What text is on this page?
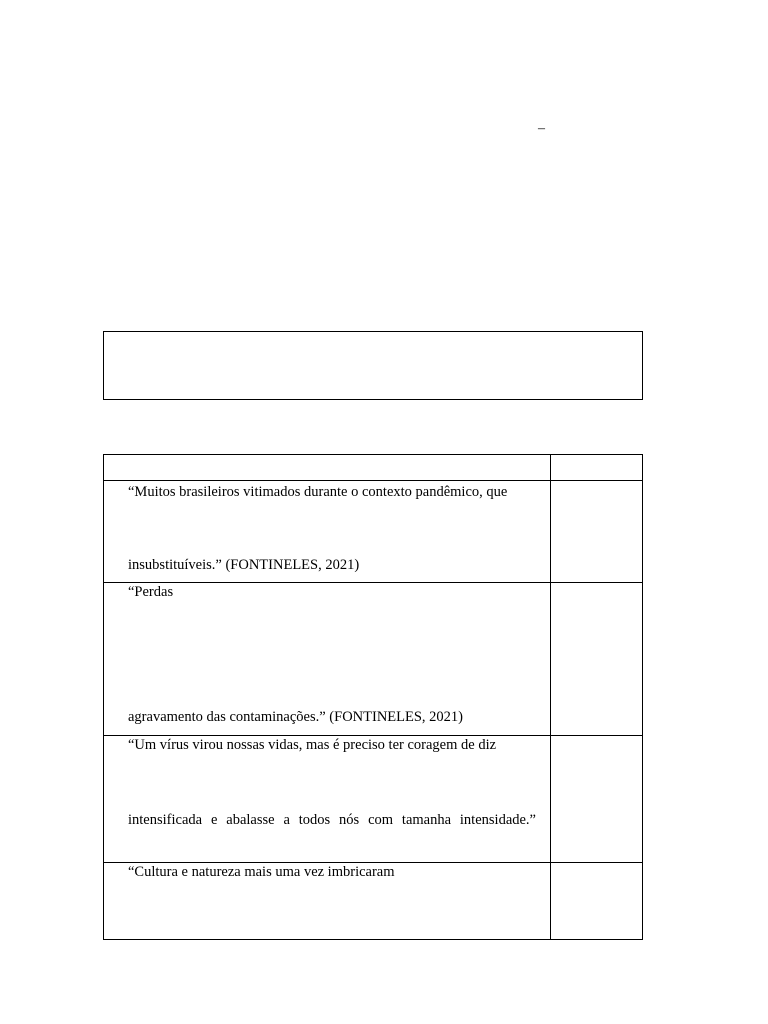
–

“Muitos brasileiros vitimados durante o contexto pandêmico, que
insubstituíveis.” (FONTINELES, 2021)	

“Perdas
agravamento das contaminações.” (FONTINELES, 2021)	

“Um vírus virou nossas vidas, mas é preciso ter coragem de diz
intensificada e abalasse a todos nós com tamanha intensidade.”	

“Cultura e natureza mais uma vez imbricaram	
